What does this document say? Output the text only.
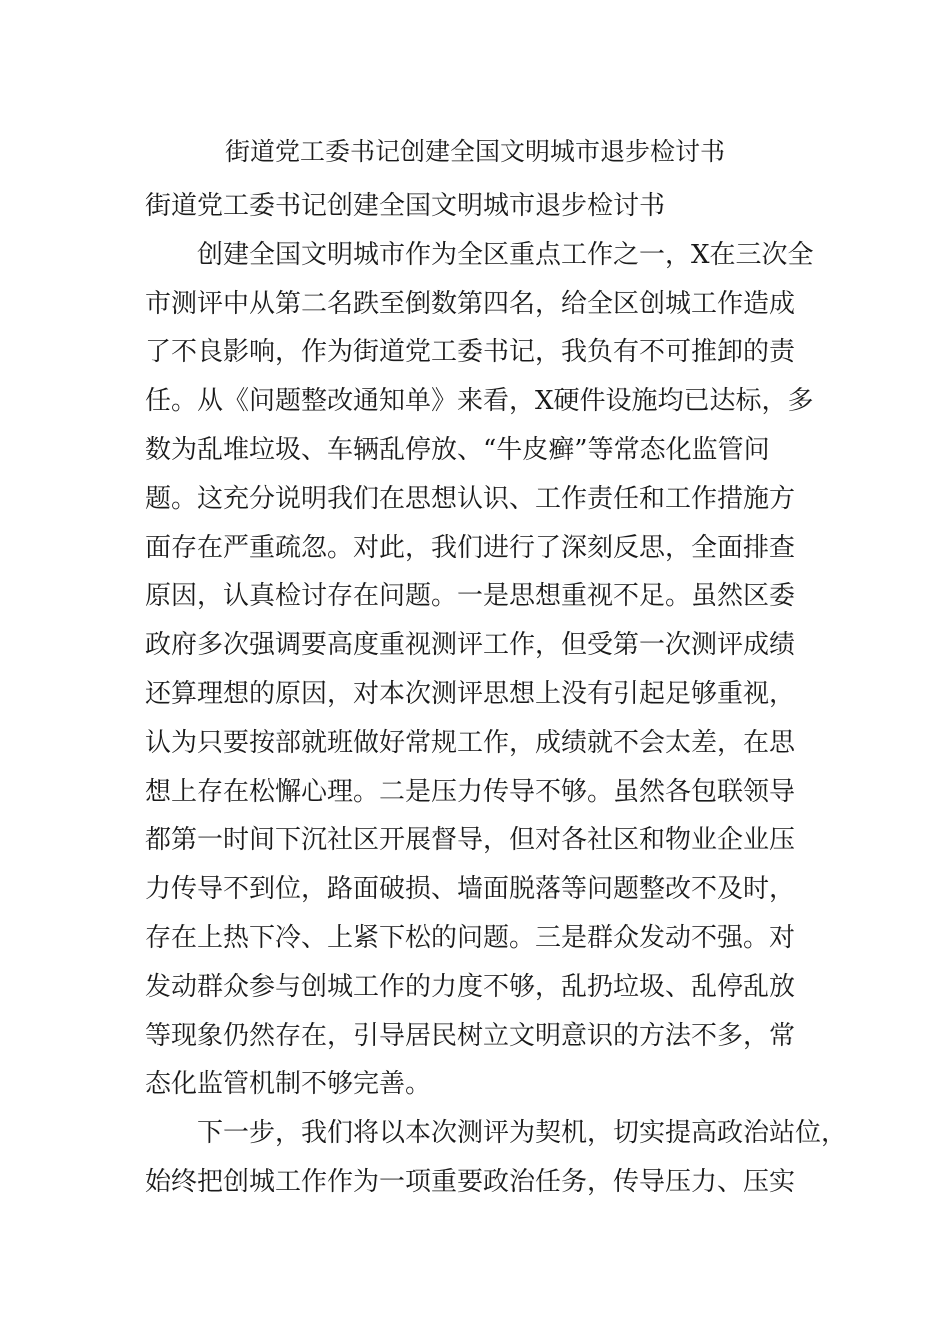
街道党工委书记创建全国文明城市退步检讨书

街道党工委书记创建全国文明城市退步检讨书

　　创建全国文明城市作为全区重点工作之一，X在三次全

市测评中从第二名跌至倒数第四名，给全区创城工作造成

了不良影响，作为街道党工委书记，我负有不可推卸的责

任。从《问题整改通知单》来看，X硬件设施均已达标，多

数为乱堆垃圾、车辆乱停放、“牛皮癣”等常态化监管问

题。这充分说明我们在思想认识、工作责任和工作措施方

面存在严重疏忽。对此，我们进行了深刻反思，全面排查

原因，认真检讨存在问题。一是思想重视不足。虽然区委

政府多次强调要高度重视测评工作，但受第一次测评成绩

还算理想的原因，对本次测评思想上没有引起足够重视，

认为只要按部就班做好常规工作，成绩就不会太差，在思

想上存在松懈心理。二是压力传导不够。虽然各包联领导

都第一时间下沉社区开展督导，但对各社区和物业企业压

力传导不到位，路面破损、墙面脱落等问题整改不及时，

存在上热下冷、上紧下松的问题。三是群众发动不强。对

发动群众参与创城工作的力度不够，乱扔垃圾、乱停乱放

等现象仍然存在，引导居民树立文明意识的方法不多，常

态化监管机制不够完善。

　　下一步，我们将以本次测评为契机，切实提高政治站位，

始终把创城工作作为一项重要政治任务，传导压力、压实
